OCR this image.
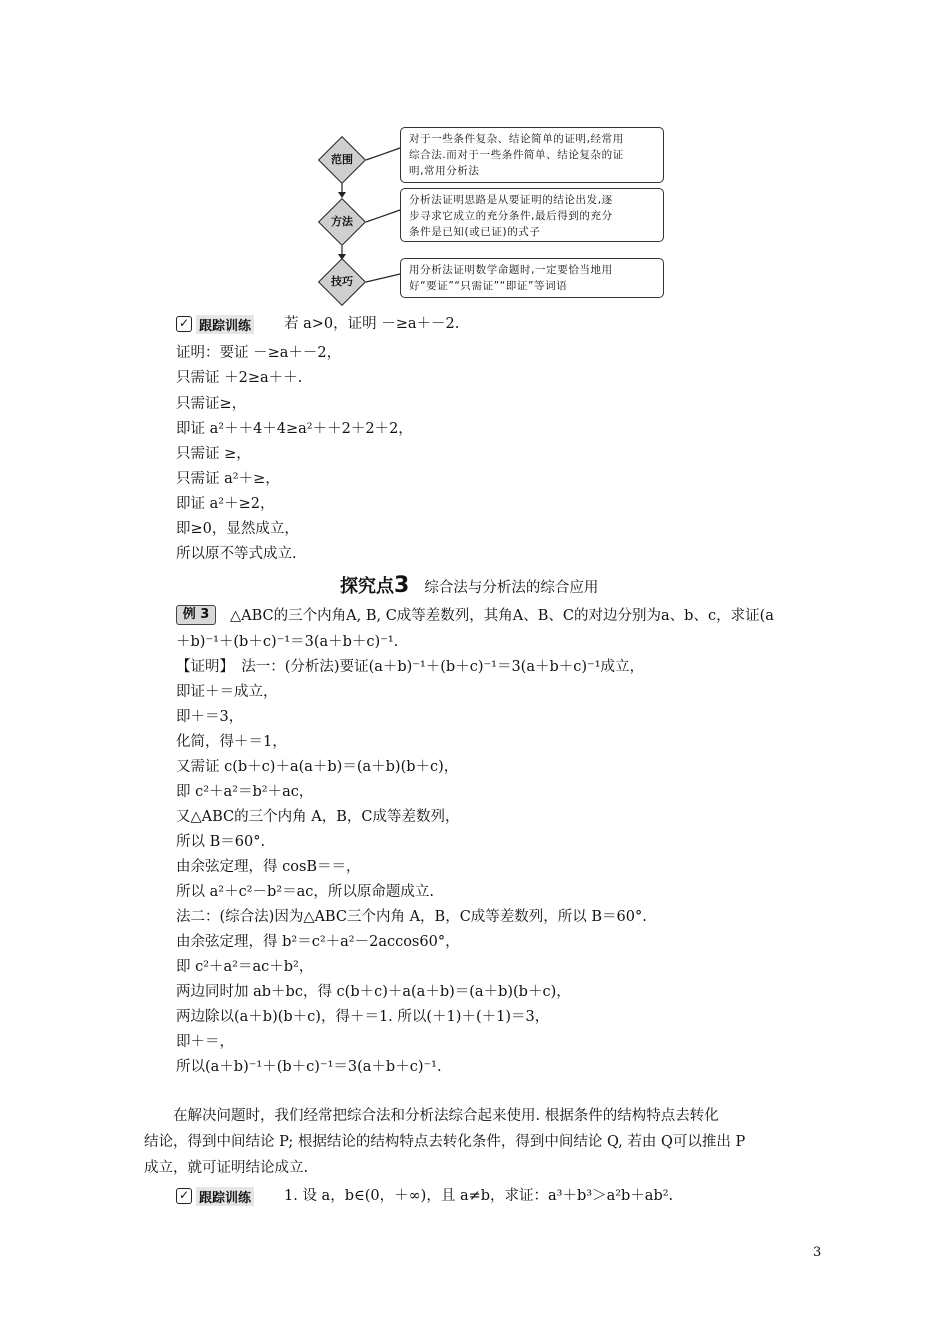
范围
方法
技巧
对于一些条件复杂、结论简单的证明,经常用
综合法.而对于一些条件简单、结论复杂的证
明,常用分析法
分析法证明思路是从要证明的结论出发,逐
步寻求它成立的充分条件,最后得到的充分
条件是已知(或已证)的式子
用分析法证明数学命题时,一定要恰当地用
好“要证”“只需证”“即证”等词语
✓ 跟踪训练 若 a>0，证明 －≥a＋－2.
证明：要证 －≥a＋－2，
只需证 ＋2≥a＋＋.
只需证≥，
即证 a²＋＋4＋4≥a²＋＋2＋2＋2，
只需证 ≥，
只需证 a²＋≥，
即证 a²＋≥2，
即≥0，显然成立，
所以原不等式成立.
探究点3 综合法与分析法的综合应用
例 3	△ABC的三个内角A, B, C成等差数列，其角A、B、C的对边分别为a、b、c，求证(a
＋b)⁻¹＋(b＋c)⁻¹＝3(a＋b＋c)⁻¹.
【证明】　法一：(分析法)要证(a＋b)⁻¹＋(b＋c)⁻¹＝3(a＋b＋c)⁻¹成立，
即证＋＝成立，
即＋＝3，
化简，得＋＝1，
又需证 c(b＋c)＋a(a＋b)＝(a＋b)(b＋c)，
即 c²＋a²＝b²＋ac，
又△ABC的三个内角 A，B，C成等差数列，
所以 B＝60°.
由余弦定理，得 cosB＝＝，
所以 a²＋c²－b²＝ac，所以原命题成立.
法二：(综合法)因为△ABC三个内角 A，B，C成等差数列，所以 B＝60°.
由余弦定理，得 b²＝c²＋a²－2accos60°，
即 c²＋a²＝ac＋b²，
两边同时加 ab＋bc，得 c(b＋c)＋a(a＋b)＝(a＋b)(b＋c)，
两边除以(a＋b)(b＋c)，得＋＝1. 所以(＋1)＋(＋1)＝3，
即＋＝，
所以(a＋b)⁻¹＋(b＋c)⁻¹＝3(a＋b＋c)⁻¹.
　　在解决问题时，我们经常把综合法和分析法综合起来使用. 根据条件的结构特点去转化
结论，得到中间结论 P; 根据结论的结构特点去转化条件，得到中间结论 Q, 若由 Q可以推出 P
成立，就可证明结论成立.
✓ 跟踪训练 1. 设 a，b∈(0，＋∞)，且 a≠b，求证：a³＋b³＞a²b＋ab².
3
